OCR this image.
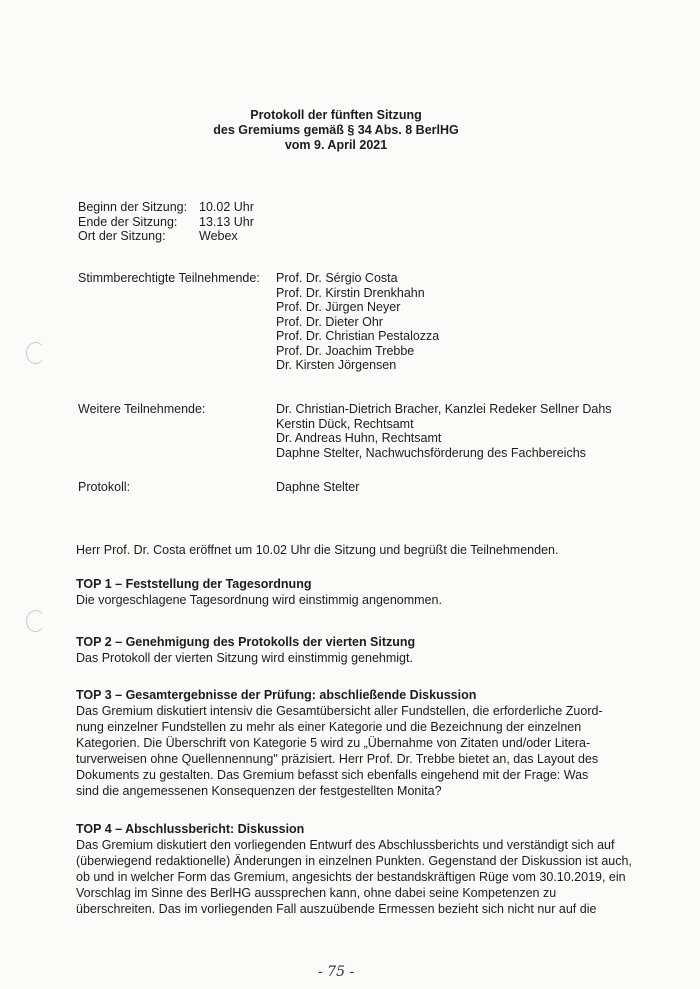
Protokoll der fünften Sitzung
des Gremiums gemäß § 34 Abs. 8 BerlHG
vom 9. April 2021
Beginn der Sitzung: 10.02 Uhr
Ende der Sitzung:	13.13 Uhr
Ort der Sitzung:	Webex
Stimmberechtigte Teilnehmende: Prof. Dr. Sérgio Costa
Prof. Dr. Kirstin Drenkhahn
Prof. Dr. Jürgen Neyer
Prof. Dr. Dieter Ohr
Prof. Dr. Christian Pestalozza
Prof. Dr. Joachim Trebbe
Dr. Kirsten Jörgensen
Weitere Teilnehmende:	Dr. Christian-Dietrich Bracher, Kanzlei Redeker Sellner Dahs
Kerstin Dück, Rechtsamt
Dr. Andreas Huhn, Rechtsamt
Daphne Stelter, Nachwuchsförderung des Fachbereichs
Protokoll:	Daphne Stelter
Herr Prof. Dr. Costa eröffnet um 10.02 Uhr die Sitzung und begrüßt die Teilnehmenden.
TOP 1 – Feststellung der Tagesordnung
Die vorgeschlagene Tagesordnung wird einstimmig angenommen.
TOP 2 – Genehmigung des Protokolls der vierten Sitzung
Das Protokoll der vierten Sitzung wird einstimmig genehmigt.
TOP 3 – Gesamtergebnisse der Prüfung: abschließende Diskussion
Das Gremium diskutiert intensiv die Gesamtübersicht aller Fundstellen, die erforderliche Zuord-
nung einzelner Fundstellen zu mehr als einer Kategorie und die Bezeichnung der einzelnen
Kategorien. Die Überschrift von Kategorie 5 wird zu „Übernahme von Zitaten und/oder Litera-
turverweisen ohne Quellennennung" präzisiert. Herr Prof. Dr. Trebbe bietet an, das Layout des
Dokuments zu gestalten. Das Gremium befasst sich ebenfalls eingehend mit der Frage: Was
sind die angemessenen Konsequenzen der festgestellten Monita?
TOP 4 – Abschlussbericht: Diskussion
Das Gremium diskutiert den vorliegenden Entwurf des Abschlussberichts und verständigt sich auf
(überwiegend redaktionelle) Änderungen in einzelnen Punkten. Gegenstand der Diskussion ist auch,
ob und in welcher Form das Gremium, angesichts der bestandskräftigen Rüge vom 30.10.2019, ein
Vorschlag im Sinne des BerlHG aussprechen kann, ohne dabei seine Kompetenzen zu
überschreiten. Das im vorliegenden Fall auszuübende Ermessen bezieht sich nicht nur auf die
- 75 -
